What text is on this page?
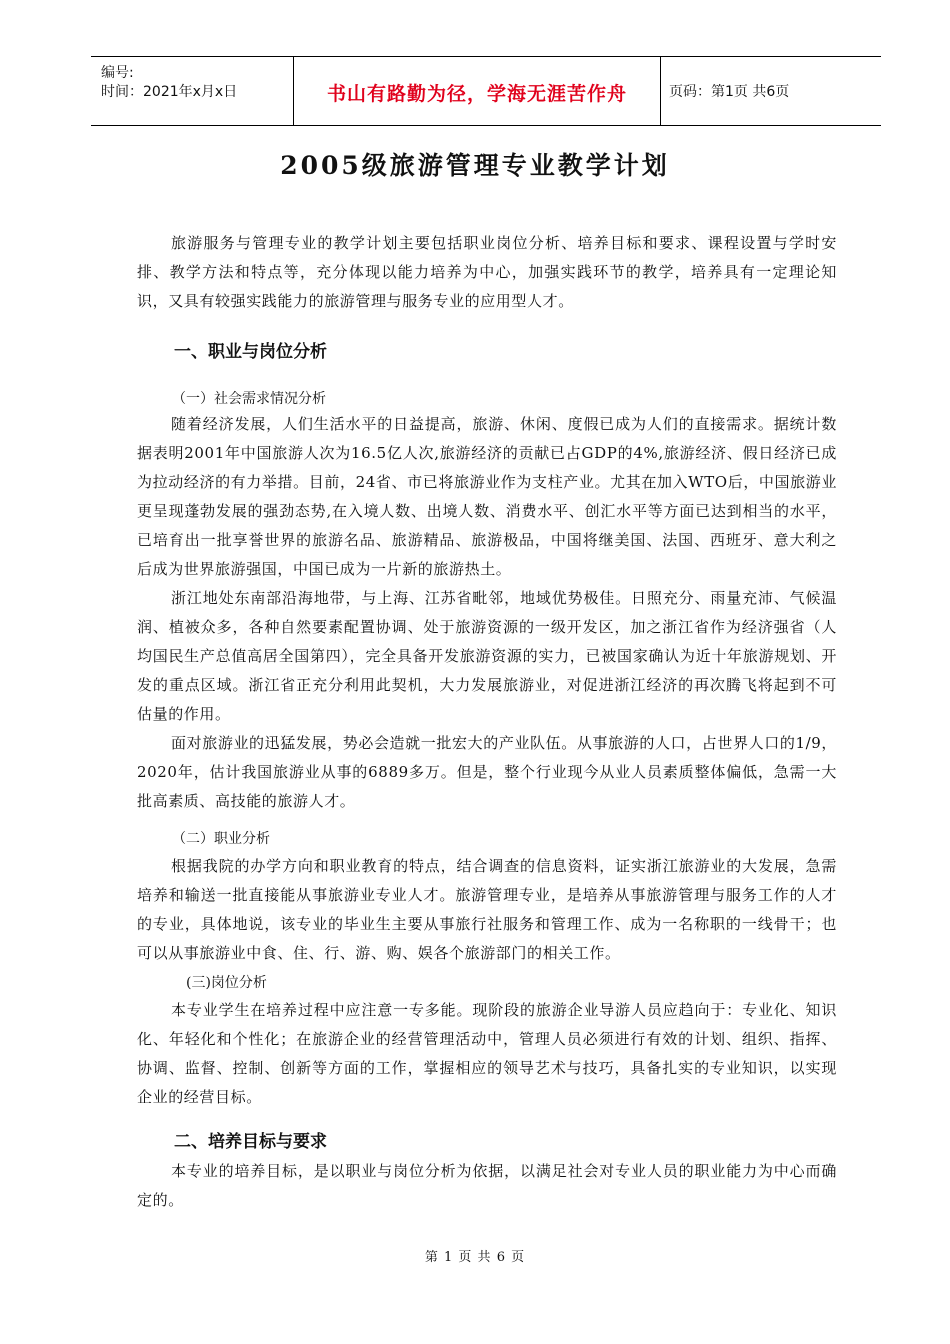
编号:
时间：2021年x月x日	书山有路勤为径，学海无涯苦作舟	页码：第1页 共6页
2005级旅游管理专业教学计划
旅游服务与管理专业的教学计划主要包括职业岗位分析、培养目标和要求、课程设置与学时安排、教学方法和特点等，充分体现以能力培养为中心，加强实践环节的教学，培养具有一定理论知识，又具有较强实践能力的旅游管理与服务专业的应用型人才。
一、职业与岗位分析
（一）社会需求情况分析
随着经济发展，人们生活水平的日益提高，旅游、休闲、度假已成为人们的直接需求。据统计数据表明2001年中国旅游人次为16.5亿人次,旅游经济的贡献已占GDP的4%,旅游经济、假日经济已成为拉动经济的有力举措。目前，24省、市已将旅游业作为支柱产业。尤其在加入WTO后，中国旅游业更呈现蓬勃发展的强劲态势,在入境人数、出境人数、消费水平、创汇水平等方面已达到相当的水平，已培育出一批享誉世界的旅游名品、旅游精品、旅游极品，中国将继美国、法国、西班牙、意大利之后成为世界旅游强国，中国已成为一片新的旅游热土。
浙江地处东南部沿海地带，与上海、江苏省毗邻，地域优势极佳。日照充分、雨量充沛、气候温润、植被众多，各种自然要素配置协调、处于旅游资源的一级开发区，加之浙江省作为经济强省（人均国民生产总值高居全国第四），完全具备开发旅游资源的实力，已被国家确认为近十年旅游规划、开发的重点区域。浙江省正充分利用此契机，大力发展旅游业，对促进浙江经济的再次腾飞将起到不可估量的作用。
面对旅游业的迅猛发展，势必会造就一批宏大的产业队伍。从事旅游的人口，占世界人口的1/9，2020年，估计我国旅游业从事的6889多万。但是，整个行业现今从业人员素质整体偏低，急需一大批高素质、高技能的旅游人才。
（二）职业分析
根据我院的办学方向和职业教育的特点，结合调查的信息资料，证实浙江旅游业的大发展，急需培养和输送一批直接能从事旅游业专业人才。旅游管理专业，是培养从事旅游管理与服务工作的人才的专业，具体地说，该专业的毕业生主要从事旅行社服务和管理工作、成为一名称职的一线骨干；也可以从事旅游业中食、住、行、游、购、娱各个旅游部门的相关工作。
(三)岗位分析
本专业学生在培养过程中应注意一专多能。现阶段的旅游企业导游人员应趋向于：专业化、知识化、年轻化和个性化；在旅游企业的经营管理活动中，管理人员必须进行有效的计划、组织、指挥、协调、监督、控制、创新等方面的工作，掌握相应的领导艺术与技巧，具备扎实的专业知识，以实现企业的经营目标。
二、培养目标与要求
本专业的培养目标，是以职业与岗位分析为依据，以满足社会对专业人员的职业能力为中心而确定的。
第 1 页 共 6 页
